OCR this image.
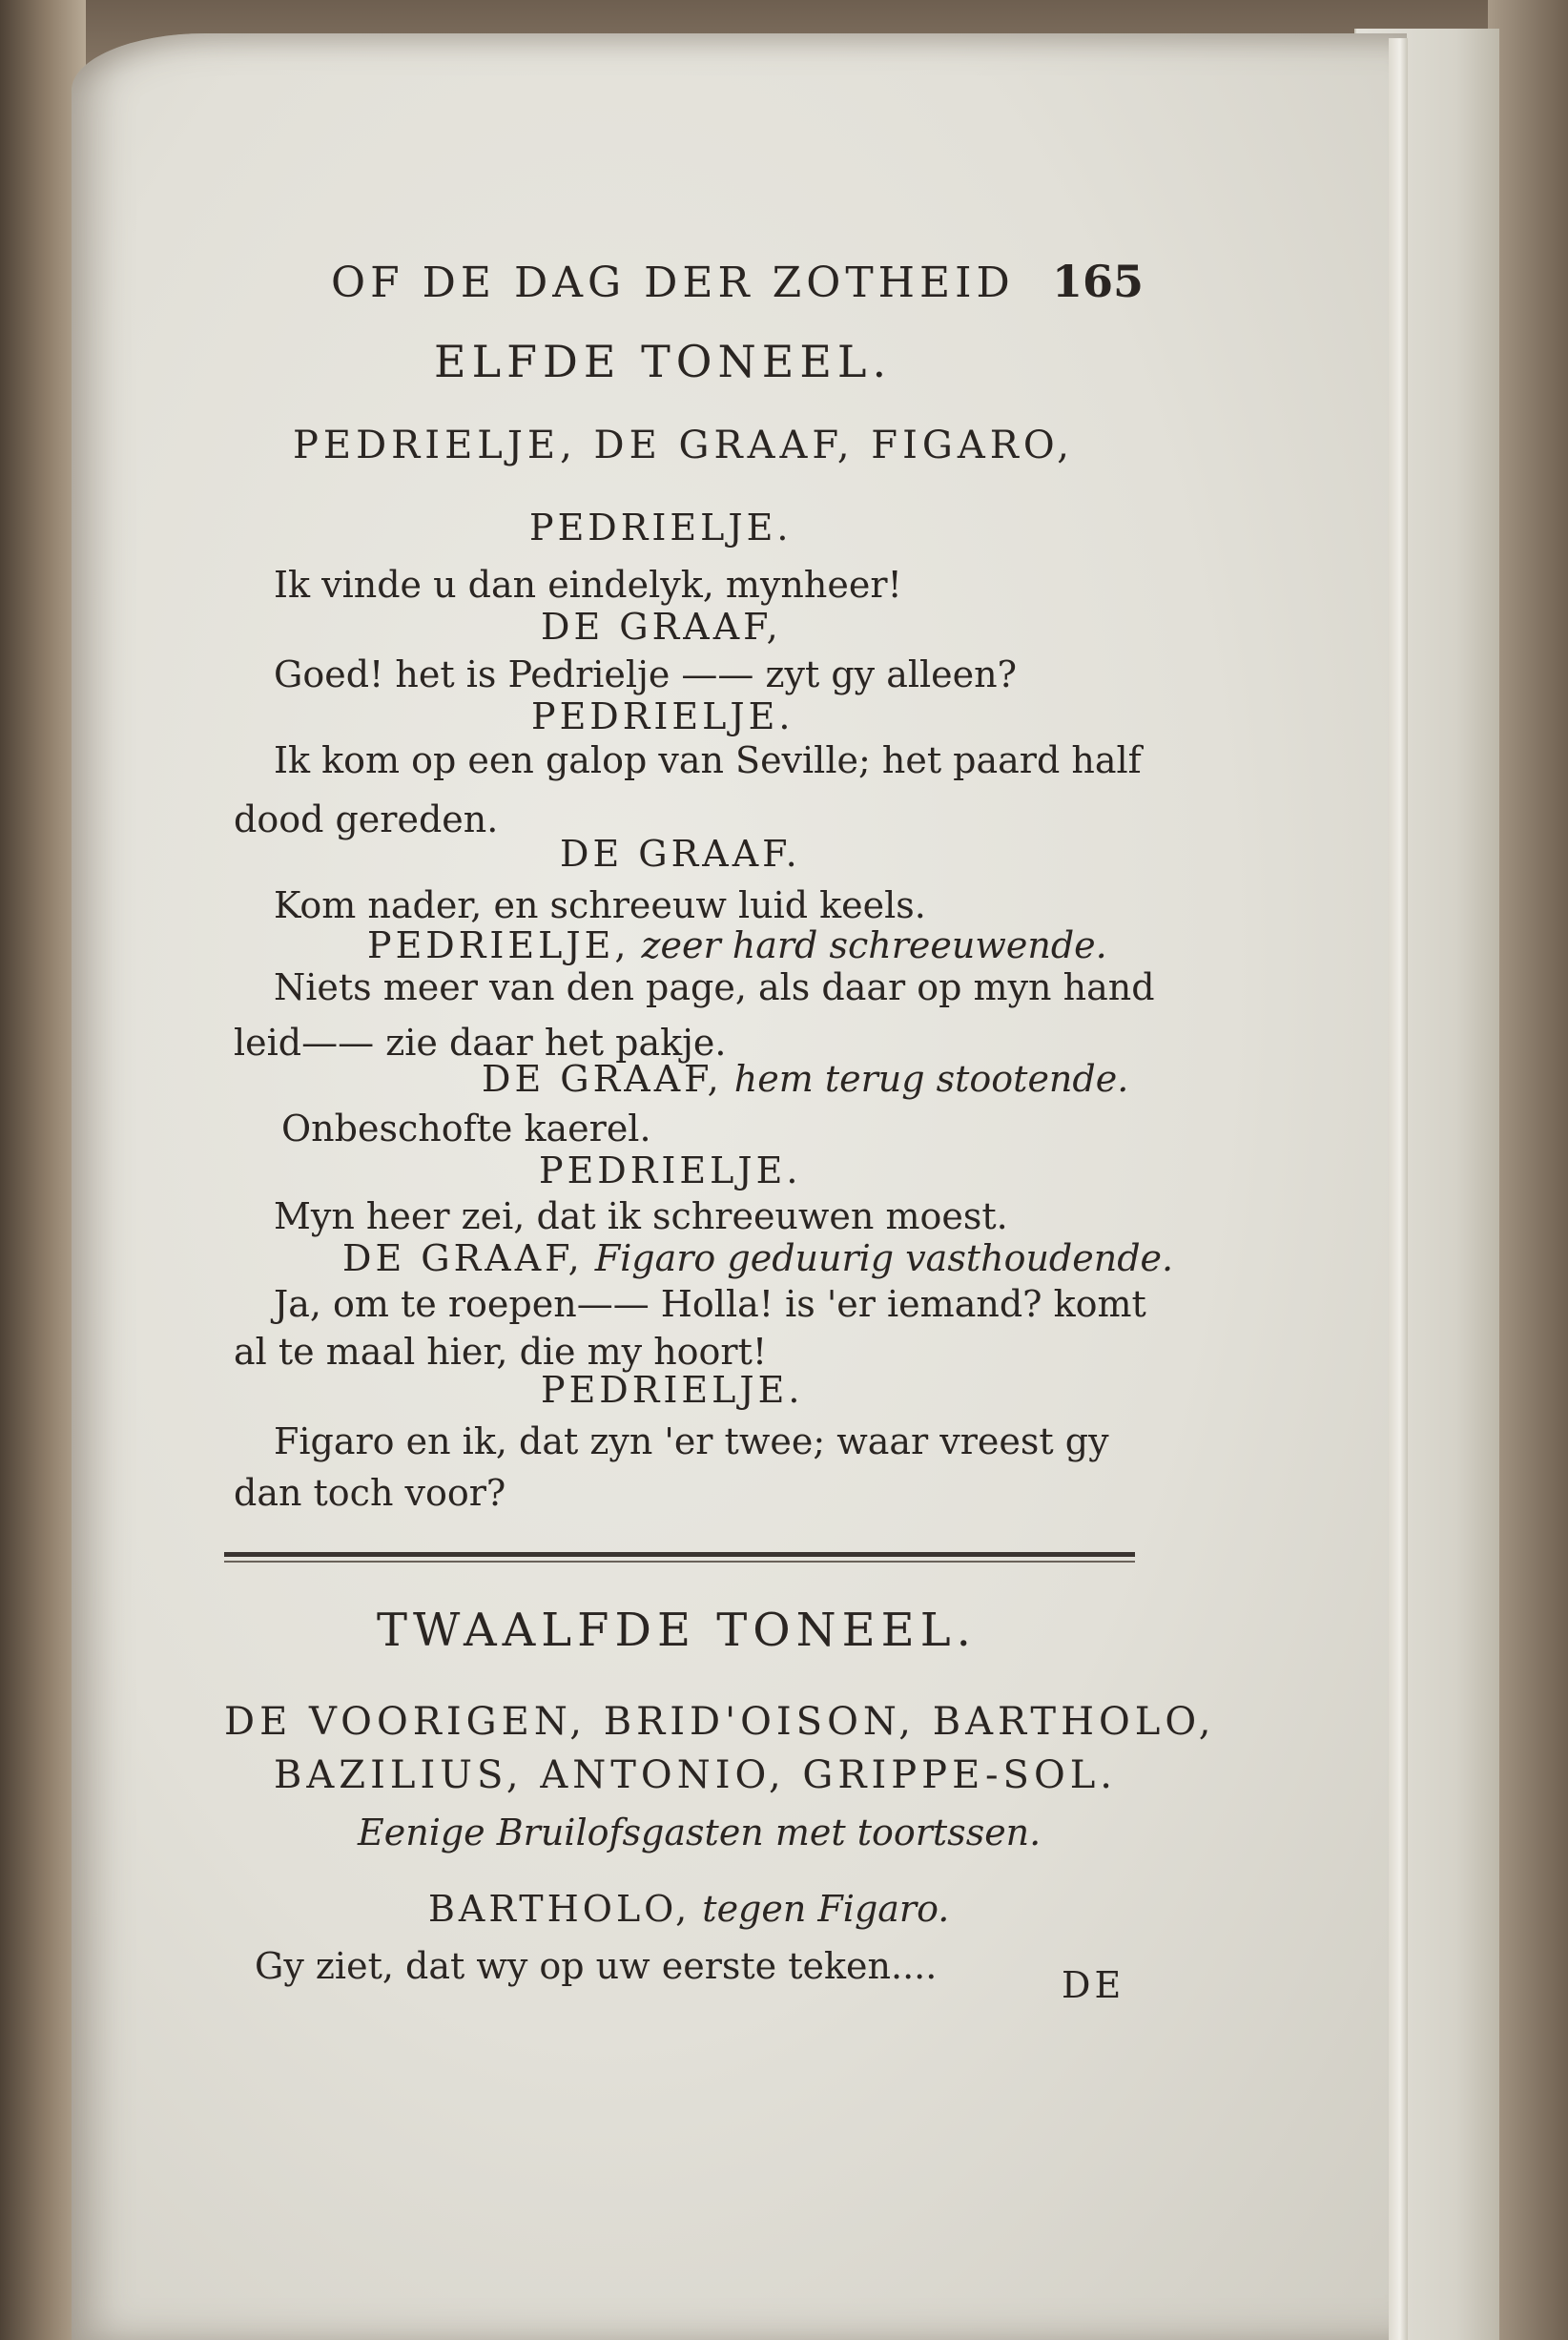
OF DE DAG DER ZOTHEID 165
ELFDE TONEEL.
PEDRIELJE, DE GRAAF, FIGARO,
PEDRIELJE.
Ik vinde u dan eindelyk, mynheer!
DE GRAAF,
Goed! het is Pedrielje —— zyt gy alleen?
PEDRIELJE.
Ik kom op een galop van Seville; het paard half
dood gereden.
DE GRAAF.
Kom nader, en schreeuw luid keels.
PEDRIELJE, zeer hard schreeuwende.
Niets meer van den page, als daar op myn hand
leid—— zie daar het pakje.
DE GRAAF, hem terug stootende.
Onbeschofte kaerel.
PEDRIELJE.
Myn heer zei, dat ik schreeuwen moest.
DE GRAAF, Figaro geduurig vasthoudende.
Ja, om te roepen—— Holla! is 'er iemand? komt
al te maal hier, die my hoort!
PEDRIELJE.
Figaro en ik, dat zyn 'er twee; waar vreest gy
dan toch voor?
TWAALFDE TONEEL.
DE VOORIGEN, BRID'OISON, BARTHOLO,
BAZILIUS, ANTONIO, GRIPPE-SOL.
Eenige Bruilofsgasten met toortssen.
BARTHOLO, tegen Figaro.
Gy ziet, dat wy op uw eerste teken....	DE
